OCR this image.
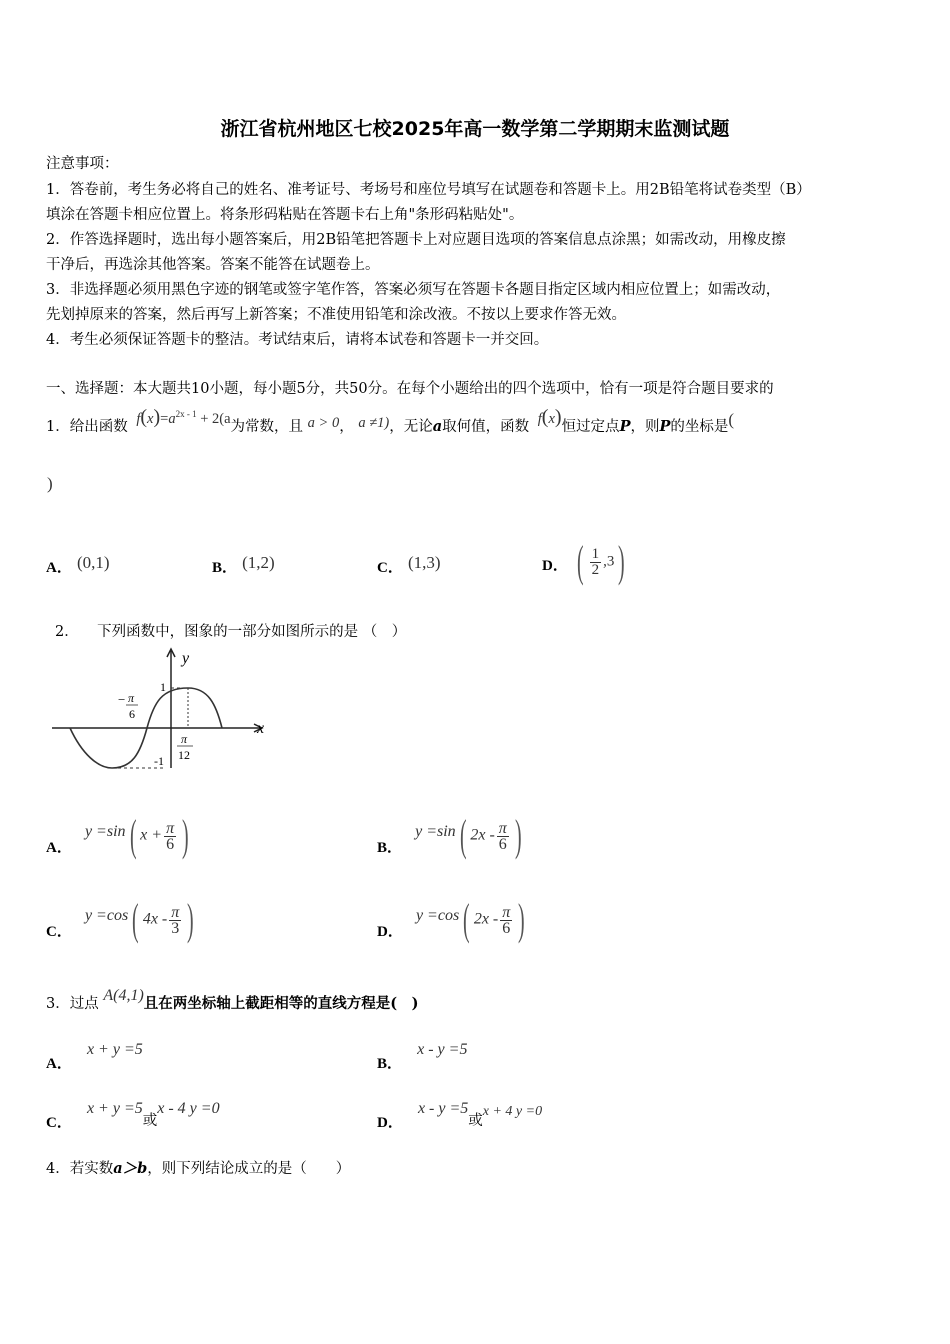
浙江省杭州地区七校2025年高一数学第二学期期末监测试题
注意事项：
1．答卷前，考生务必将自己的姓名、准考证号、考场号和座位号填写在试题卷和答题卡上。用2B铅笔将试卷类型（B）
填涂在答题卡相应位置上。将条形码粘贴在答题卡右上角"条形码粘贴处"。
2．作答选择题时，选出每小题答案后，用2B铅笔把答题卡上对应题目选项的答案信息点涂黑；如需改动，用橡皮擦
干净后，再选涂其他答案。答案不能答在试题卷上。
3．非选择题必须用黑色字迹的钢笔或签字笔作答，答案必须写在答题卡各题目指定区域内相应位置上；如需改动，
先划掉原来的答案，然后再写上新答案；不准使用铅笔和涂改液。不按以上要求作答无效。
4．考生必须保证答题卡的整洁。考试结束后，请将本试卷和答题卡一并交回。
一、选择题：本大题共10小题，每小题5分，共50分。在每个小题给出的四个选项中，恰有一项是符合题目要求的
1．给出函数 $f(x)=a^{2x - 1} + 2(a$为常数，且 a > 0， a ≠1)，无论a取何值，函数 f(x)恒过定点P，则P的坐标是(
)
A． (0,1)	B． (1,2)	C． (1,3)	D． ( $\frac{1}{2} ,3$)
2． 下列函数中，图象的一部分如图所示的是 （　）
y
x
1
-1
− π
6
π
12
A． y =sin( $x + \frac{\pi}{6}$ )	B． y =sin( $2x - \frac{\pi}{6}$ )
C． y =cos( $4x - \frac{\pi}{3}$ )	D． y =cos( $2x - \frac{\pi}{6}$ )
3．过点 A(4,1)且在两坐标轴上截距相等的直线方程是(　)
A． x + y =5
B． x - y =5
C． x + y =5或x - 4 y =0
D． x - y =5或x + 4 y =0
4．若实数a＞b，则下列结论成立的是（　　）
